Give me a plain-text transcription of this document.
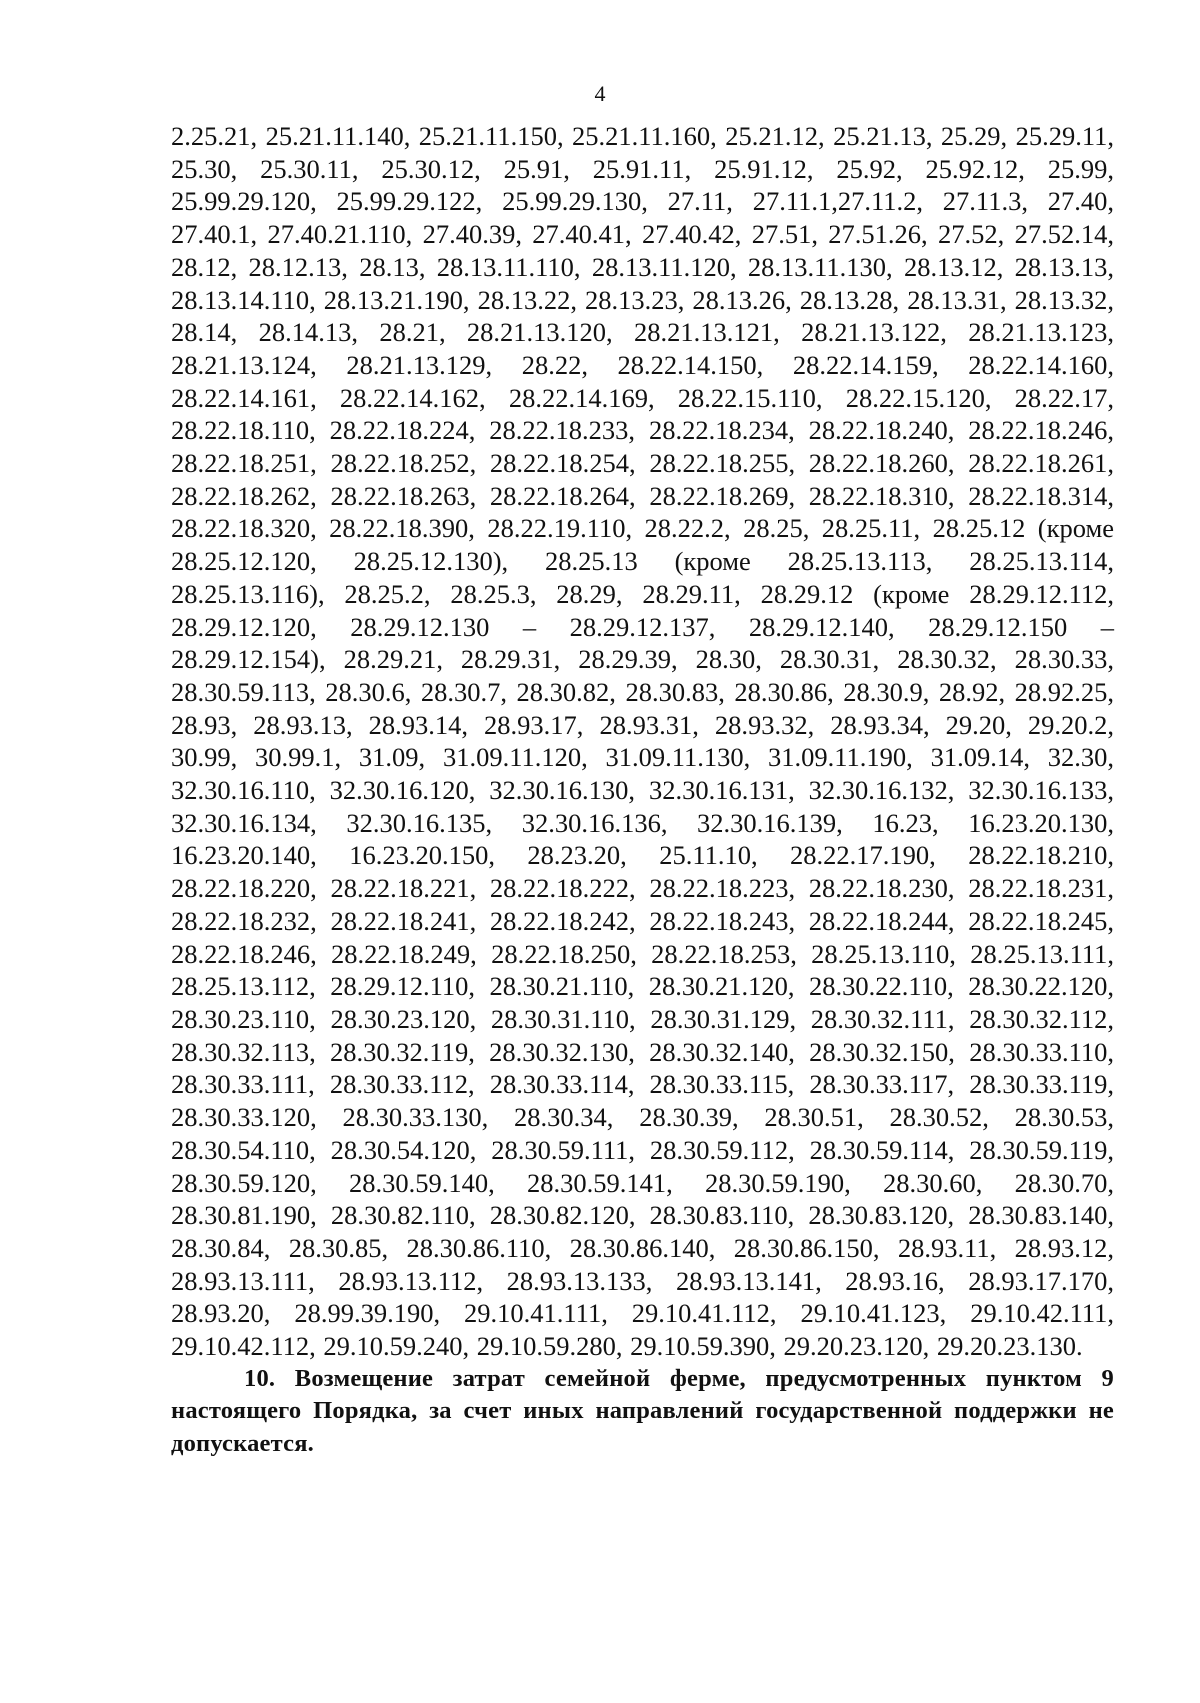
4

2.25.21, 25.21.11.140, 25.21.11.150, 25.21.11.160, 25.21.12, 25.21.13, 25.29, 25.29.11, 25.30, 25.30.11, 25.30.12, 25.91, 25.91.11, 25.91.12, 25.92, 25.92.12, 25.99, 25.99.29.120, 25.99.29.122, 25.99.29.130, 27.11, 27.11.1,27.11.2, 27.11.3, 27.40, 27.40.1, 27.40.21.110, 27.40.39, 27.40.41, 27.40.42, 27.51, 27.51.26, 27.52, 27.52.14, 28.12, 28.12.13, 28.13, 28.13.11.110, 28.13.11.120, 28.13.11.130, 28.13.12, 28.13.13, 28.13.14.110, 28.13.21.190, 28.13.22, 28.13.23, 28.13.26, 28.13.28, 28.13.31, 28.13.32, 28.14, 28.14.13, 28.21, 28.21.13.120, 28.21.13.121, 28.21.13.122, 28.21.13.123, 28.21.13.124, 28.21.13.129, 28.22, 28.22.14.150, 28.22.14.159, 28.22.14.160, 28.22.14.161, 28.22.14.162, 28.22.14.169, 28.22.15.110, 28.22.15.120, 28.22.17, 28.22.18.110, 28.22.18.224, 28.22.18.233, 28.22.18.234, 28.22.18.240, 28.22.18.246, 28.22.18.251, 28.22.18.252, 28.22.18.254, 28.22.18.255, 28.22.18.260, 28.22.18.261, 28.22.18.262, 28.22.18.263, 28.22.18.264, 28.22.18.269, 28.22.18.310, 28.22.18.314, 28.22.18.320, 28.22.18.390, 28.22.19.110, 28.22.2, 28.25, 28.25.11, 28.25.12 (кроме 28.25.12.120, 28.25.12.130), 28.25.13 (кроме 28.25.13.113, 28.25.13.114, 28.25.13.116), 28.25.2, 28.25.3, 28.29, 28.29.11, 28.29.12 (кроме 28.29.12.112, 28.29.12.120, 28.29.12.130 – 28.29.12.137, 28.29.12.140, 28.29.12.150 – 28.29.12.154), 28.29.21, 28.29.31, 28.29.39, 28.30, 28.30.31, 28.30.32, 28.30.33, 28.30.59.113, 28.30.6, 28.30.7, 28.30.82, 28.30.83, 28.30.86, 28.30.9, 28.92, 28.92.25, 28.93, 28.93.13, 28.93.14, 28.93.17, 28.93.31, 28.93.32, 28.93.34, 29.20, 29.20.2, 30.99, 30.99.1, 31.09, 31.09.11.120, 31.09.11.130, 31.09.11.190, 31.09.14, 32.30, 32.30.16.110, 32.30.16.120, 32.30.16.130, 32.30.16.131, 32.30.16.132, 32.30.16.133, 32.30.16.134, 32.30.16.135, 32.30.16.136, 32.30.16.139, 16.23, 16.23.20.130, 16.23.20.140, 16.23.20.150, 28.23.20, 25.11.10, 28.22.17.190, 28.22.18.210, 28.22.18.220, 28.22.18.221, 28.22.18.222, 28.22.18.223, 28.22.18.230, 28.22.18.231, 28.22.18.232, 28.22.18.241, 28.22.18.242, 28.22.18.243, 28.22.18.244, 28.22.18.245, 28.22.18.246, 28.22.18.249, 28.22.18.250, 28.22.18.253, 28.25.13.110, 28.25.13.111, 28.25.13.112, 28.29.12.110, 28.30.21.110, 28.30.21.120, 28.30.22.110, 28.30.22.120, 28.30.23.110, 28.30.23.120, 28.30.31.110, 28.30.31.129, 28.30.32.111, 28.30.32.112, 28.30.32.113, 28.30.32.119, 28.30.32.130, 28.30.32.140, 28.30.32.150, 28.30.33.110, 28.30.33.111, 28.30.33.112, 28.30.33.114, 28.30.33.115, 28.30.33.117, 28.30.33.119, 28.30.33.120, 28.30.33.130, 28.30.34, 28.30.39, 28.30.51, 28.30.52, 28.30.53, 28.30.54.110, 28.30.54.120, 28.30.59.111, 28.30.59.112, 28.30.59.114, 28.30.59.119, 28.30.59.120, 28.30.59.140, 28.30.59.141, 28.30.59.190, 28.30.60, 28.30.70, 28.30.81.190, 28.30.82.110, 28.30.82.120, 28.30.83.110, 28.30.83.120, 28.30.83.140, 28.30.84, 28.30.85, 28.30.86.110, 28.30.86.140, 28.30.86.150, 28.93.11, 28.93.12, 28.93.13.111, 28.93.13.112, 28.93.13.133, 28.93.13.141, 28.93.16, 28.93.17.170, 28.93.20, 28.99.39.190, 29.10.41.111, 29.10.41.112, 29.10.41.123, 29.10.42.111, 29.10.42.112, 29.10.59.240, 29.10.59.280, 29.10.59.390, 29.20.23.120, 29.20.23.130.

10. Возмещение затрат семейной ферме, предусмотренных пунктом 9 настоящего Порядка, за счет иных направлений государственной поддержки не допускается.
